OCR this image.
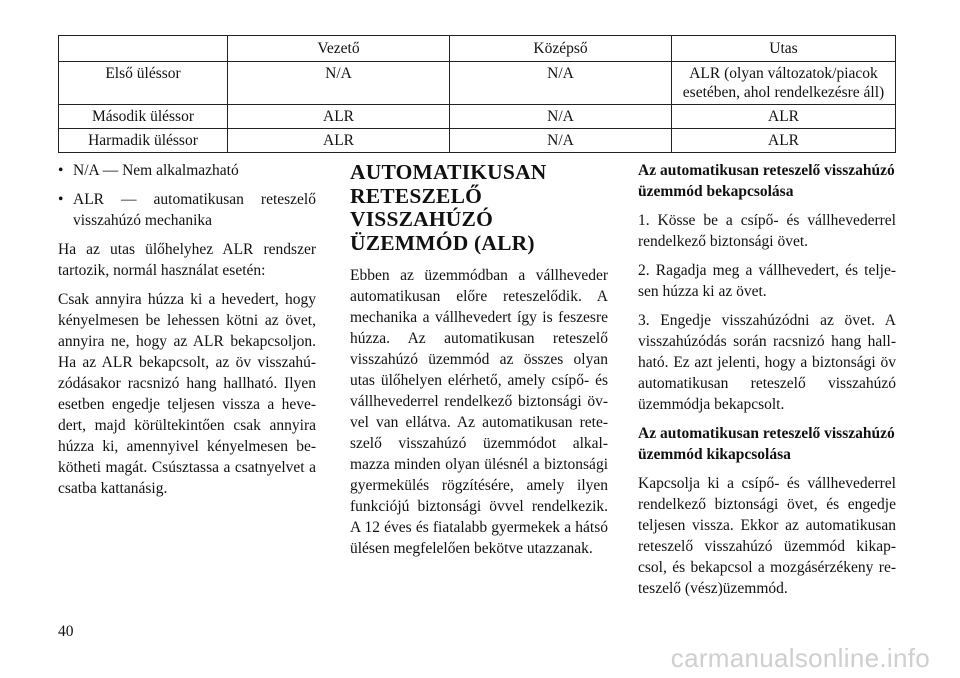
	Vezető	Középső	Utas
Első üléssor	N/A	N/A	ALR (olyan változatok/piacok esetében, ahol rendelkezésre áll)
Második üléssor	ALR	N/A	ALR
Harmadik üléssor	ALR	N/A	ALR
• N/A — Nem alkalmazható
• ALR — automatikusan reteszelő visszahúzó mechanika

Ha az utas ülőhelyhez ALR rendszer tartozik, normál használat esetén:

Csak annyira húzza ki a hevedert, hogy kényelmesen be lehessen kötni az övet, annyira ne, hogy az ALR bekapcsoljon. Ha az ALR bekapcsolt, az öv visszahú-zódásakor racsnizó hang hallható. Ilyen esetben engedje teljesen vissza a heve-dert, majd körültekintően csak annyira húzza ki, amennyivel kényelmesen be-kötheti magát. Csúsztassa a csatnyelvet a csatba kattanásig.

AUTOMATIKUSAN RETESZELŐ VISSZAHÚZÓ ÜZEMMÓD (ALR)

Ebben az üzemmódban a vállheveder automatikusan előre reteszelődik. A mechanika a vállhevedert így is feszesre húzza. Az automatikusan reteszelő visszahúzó üzemmód az összes olyan utas ülőhelyen elérhető, amely csípő- és vállhevederrel rendelkező biztonsági öv-vel van ellátva. Az automatikusan rete-szelő visszahúzó üzemmódot alkal-mazza minden olyan ülésnél a biztonsági gyermekülés rögzítésére, amely ilyen funkciójú biztonsági övvel rendelkezik. A 12 éves és fiatalabb gyermekek a hátsó ülésen megfelelően bekötve utazzanak.

Az automatikusan reteszelő visszahúzó üzemmód bekapcsolása

1. Kösse be a csípő- és vállhevederrel rendelkező biztonsági övet.

2. Ragadja meg a vállhevedert, és telje-sen húzza ki az övet.

3. Engedje visszahúzódni az övet. A visszahúzódás során racsnizó hang hall-ható. Ez azt jelenti, hogy a biztonsági öv automatikusan reteszelő visszahúzó üzemmódja bekapcsolt.

Az automatikusan reteszelő visszahúzó üzemmód kikapcsolása

Kapcsolja ki a csípő- és vállhevederrel rendelkező biztonsági övet, és engedje teljesen vissza. Ekkor az automatikusan reteszelő visszahúzó üzemmód kikap-csol, és bekapcsol a mozgásérzékeny re-teszelő (vész)üzemmód.

40
carmanualsonline.info
